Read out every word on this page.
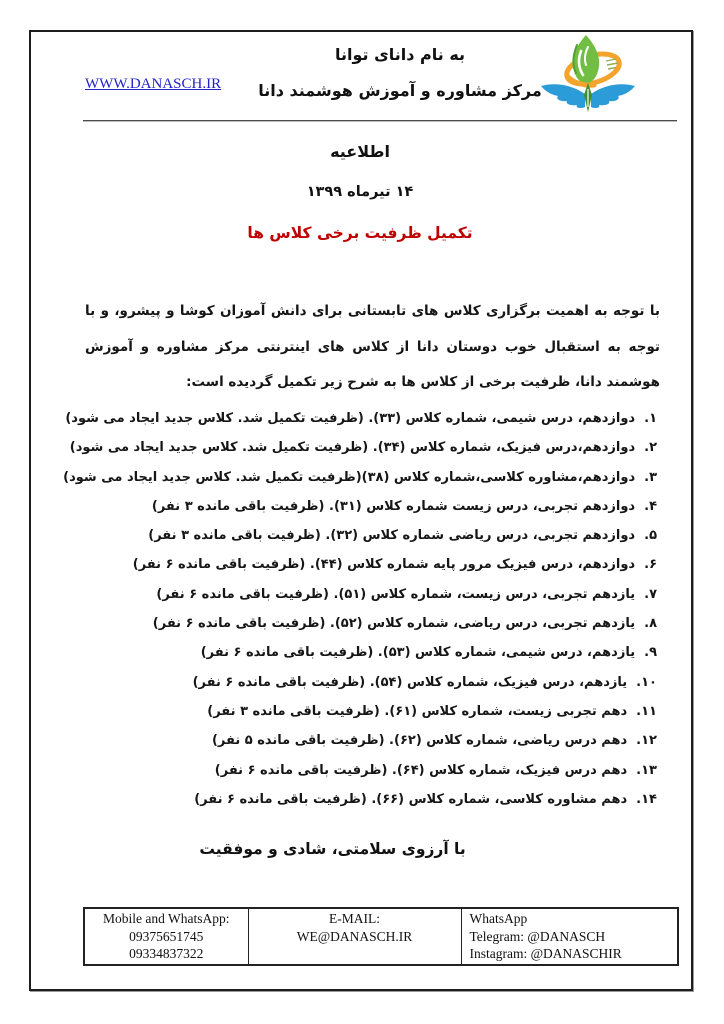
WWW.DANASCH.IR
به نام دانای توانا
مرکز مشاوره و آموزش هوشمند دانا
اطلاعیه
۱۴ تیرماه ۱۳۹۹
تکمیل ظرفیت برخی کلاس ها
با توجه به اهمیت برگزاری کلاس های تابستانی برای دانش آموزان کوشا و پیشرو، و با توجه به استقبال خوب دوستان دانا از کلاس های اینترنتی مرکز مشاوره و آموزش هوشمند دانا، ظرفیت برخی از کلاس ها به شرح زیر تکمیل گردیده است:
۱.دوازدهم، درس شیمی، شماره کلاس (۳۳). (ظرفیت تکمیل شد. کلاس جدید ایجاد می شود)
۲.دوازدهم،درس فیزیک، شماره کلاس (۳۴). (ظرفیت تکمیل شد. کلاس جدید ایجاد می شود)
۳.دوازدهم،مشاوره کلاسی،شماره کلاس (۳۸)(ظرفیت تکمیل شد. کلاس جدید ایجاد می شود)
۴.دوازدهم تجربی، درس زیست شماره کلاس (۳۱). (ظرفیت باقی مانده ۳ نفر)
۵.دوازدهم تجربی، درس ریاضی شماره کلاس (۳۲). (ظرفیت باقی مانده ۳ نفر)
۶.دوازدهم، درس فیزیک مرور پایه شماره کلاس (۴۴). (ظرفیت باقی مانده ۶ نفر)
۷.یازدهم تجربی، درس زیست، شماره کلاس (۵۱). (ظرفیت باقی مانده ۶ نفر)
۸.یازدهم تجربی، درس ریاضی، شماره کلاس (۵۲). (ظرفیت باقی مانده ۶ نفر)
۹.یازدهم، درس شیمی، شماره کلاس (۵۳). (ظرفیت باقی مانده ۶ نفر)
۱۰.یازدهم، درس فیزیک، شماره کلاس (۵۴). (ظرفیت باقی مانده ۶ نفر)
۱۱.دهم تجربی زیست، شماره کلاس (۶۱). (ظرفیت باقی مانده ۳ نفر)
۱۲.دهم درس ریاضی، شماره کلاس (۶۲). (ظرفیت باقی مانده ۵ نفر)
۱۳.دهم درس فیزیک، شماره کلاس (۶۴). (ظرفیت باقی مانده ۶ نفر)
۱۴.دهم مشاوره کلاسی، شماره کلاس (۶۶). (ظرفیت باقی مانده ۶ نفر)
با آرزوی سلامتی، شادی و موفقیت
Mobile and WhatsApp:
09375651745
09334837322

E-MAIL:
WE@DANASCH.IR

WhatsApp
Telegram: @DANASCH
Instagram: @DANASCHIR
